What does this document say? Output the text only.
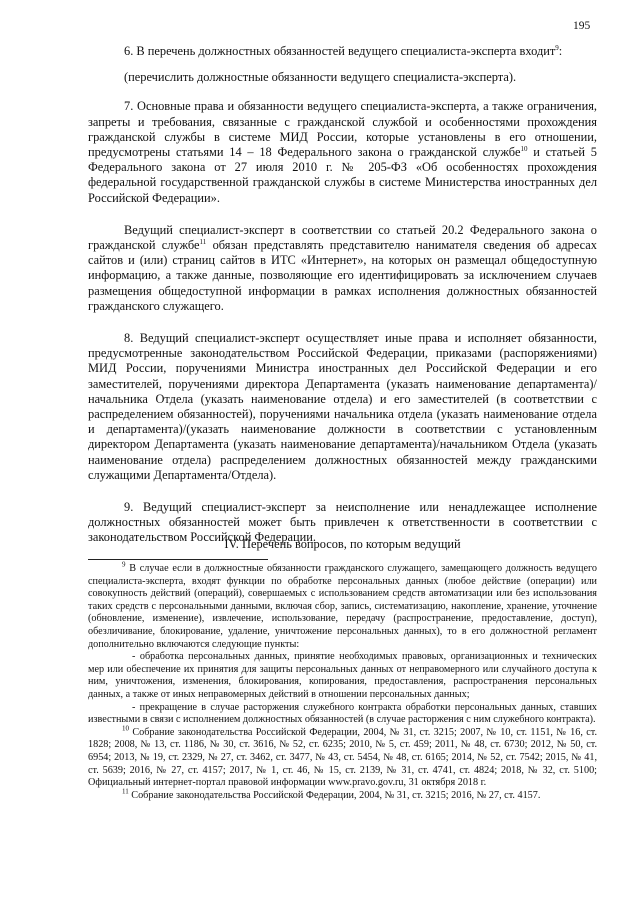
195

6. В перечень должностных обязанностей ведущего специалиста-эксперта входит$^9$:

(перечислить должностные обязанности ведущего специалиста-эксперта).

7. Основные права и обязанности ведущего специалиста-эксперта, а также ограничения, запреты и требования, связанные с гражданской службой и особенностями прохождения гражданской службы в системе МИД России, которые установлены в его отношении, предусмотрены статьями 14 – 18 Федерального закона о гражданской службе$^{10}$ и статьей 5 Федерального закона от 27 июля 2010 г. № 205-ФЗ «Об особенностях прохождения федеральной государственной гражданской службы в системе Министерства иностранных дел Российской Федерации».

Ведущий специалист-эксперт в соответствии со статьей 20.2 Федерального закона о гражданской службе$^{11}$ обязан представлять представителю нанимателя сведения об адресах сайтов и (или) страниц сайтов в ИТС «Интернет», на которых он размещал общедоступную информацию, а также данные, позволяющие его идентифицировать за исключением случаев размещения общедоступной информации в рамках исполнения должностных обязанностей гражданского служащего.

8. Ведущий специалист-эксперт осуществляет иные права и исполняет обязанности, предусмотренные законодательством Российской Федерации, приказами (распоряжениями) МИД России, поручениями Министра иностранных дел Российской Федерации и его заместителей, поручениями директора Департамента (указать наименование департамента)/начальника Отдела (указать наименование отдела) и его заместителей (в соответствии с распределением обязанностей), поручениями начальника отдела (указать наименование отдела и департамента)/(указать наименование должности в соответствии с установленным директором Департамента (указать наименование департамента)/начальником Отдела (указать наименование отдела) распределением должностных обязанностей между гражданскими служащими Департамента/Отдела).

9. Ведущий специалист-эксперт за неисполнение или ненадлежащее исполнение должностных обязанностей может быть привлечен к ответственности в соответствии с законодательством Российской Федерации.

IV. Перечень вопросов, по которым ведущий

$^9$ В случае если в должностные обязанности гражданского служащего, замещающего должность ведущего специалиста-эксперта, входят функции по обработке персональных данных (любое действие (операции) или совокупность действий (операций), совершаемых с использованием средств автоматизации или без использования таких средств с персональными данными, включая сбор, запись, систематизацию, накопление, хранение, уточнение (обновление, изменение), извлечение, использование, передачу (распространение, предоставление, доступ), обезличивание, блокирование, удаление, уничтожение персональных данных), то в его должностной регламент дополнительно включаются следующие пункты:

- обработка персональных данных, принятие необходимых правовых, организационных и технических мер или обеспечение их принятия для защиты персональных данных от неправомерного или случайного доступа к ним, уничтожения, изменения, блокирования, копирования, предоставления, распространения персональных данных, а также от иных неправомерных действий в отношении персональных данных;

- прекращение в случае расторжения служебного контракта обработки персональных данных, ставших известными в связи с исполнением должностных обязанностей (в случае расторжения с ним служебного контракта).

$^{10}$ Собрание законодательства Российской Федерации, 2004, № 31, ст. 3215; 2007, № 10, ст. 1151, № 16, ст. 1828; 2008, № 13, ст. 1186, № 30, ст. 3616, № 52, ст. 6235; 2010, № 5, ст. 459; 2011, № 48, ст. 6730; 2012, № 50, ст. 6954; 2013, № 19, ст. 2329, № 27, ст. 3462, ст. 3477, № 43, ст. 5454, № 48, ст. 6165; 2014, № 52, ст. 7542; 2015, № 41, ст. 5639; 2016, № 27, ст. 4157; 2017, № 1, ст. 46, № 15, ст. 2139, № 31, ст. 4741, ст. 4824; 2018, № 32, ст. 5100; Официальный интернет-портал правовой информации www.pravo.gov.ru, 31 октября 2018 г.

$^{11}$ Собрание законодательства Российской Федерации, 2004, № 31, ст. 3215; 2016, № 27, ст. 4157.
